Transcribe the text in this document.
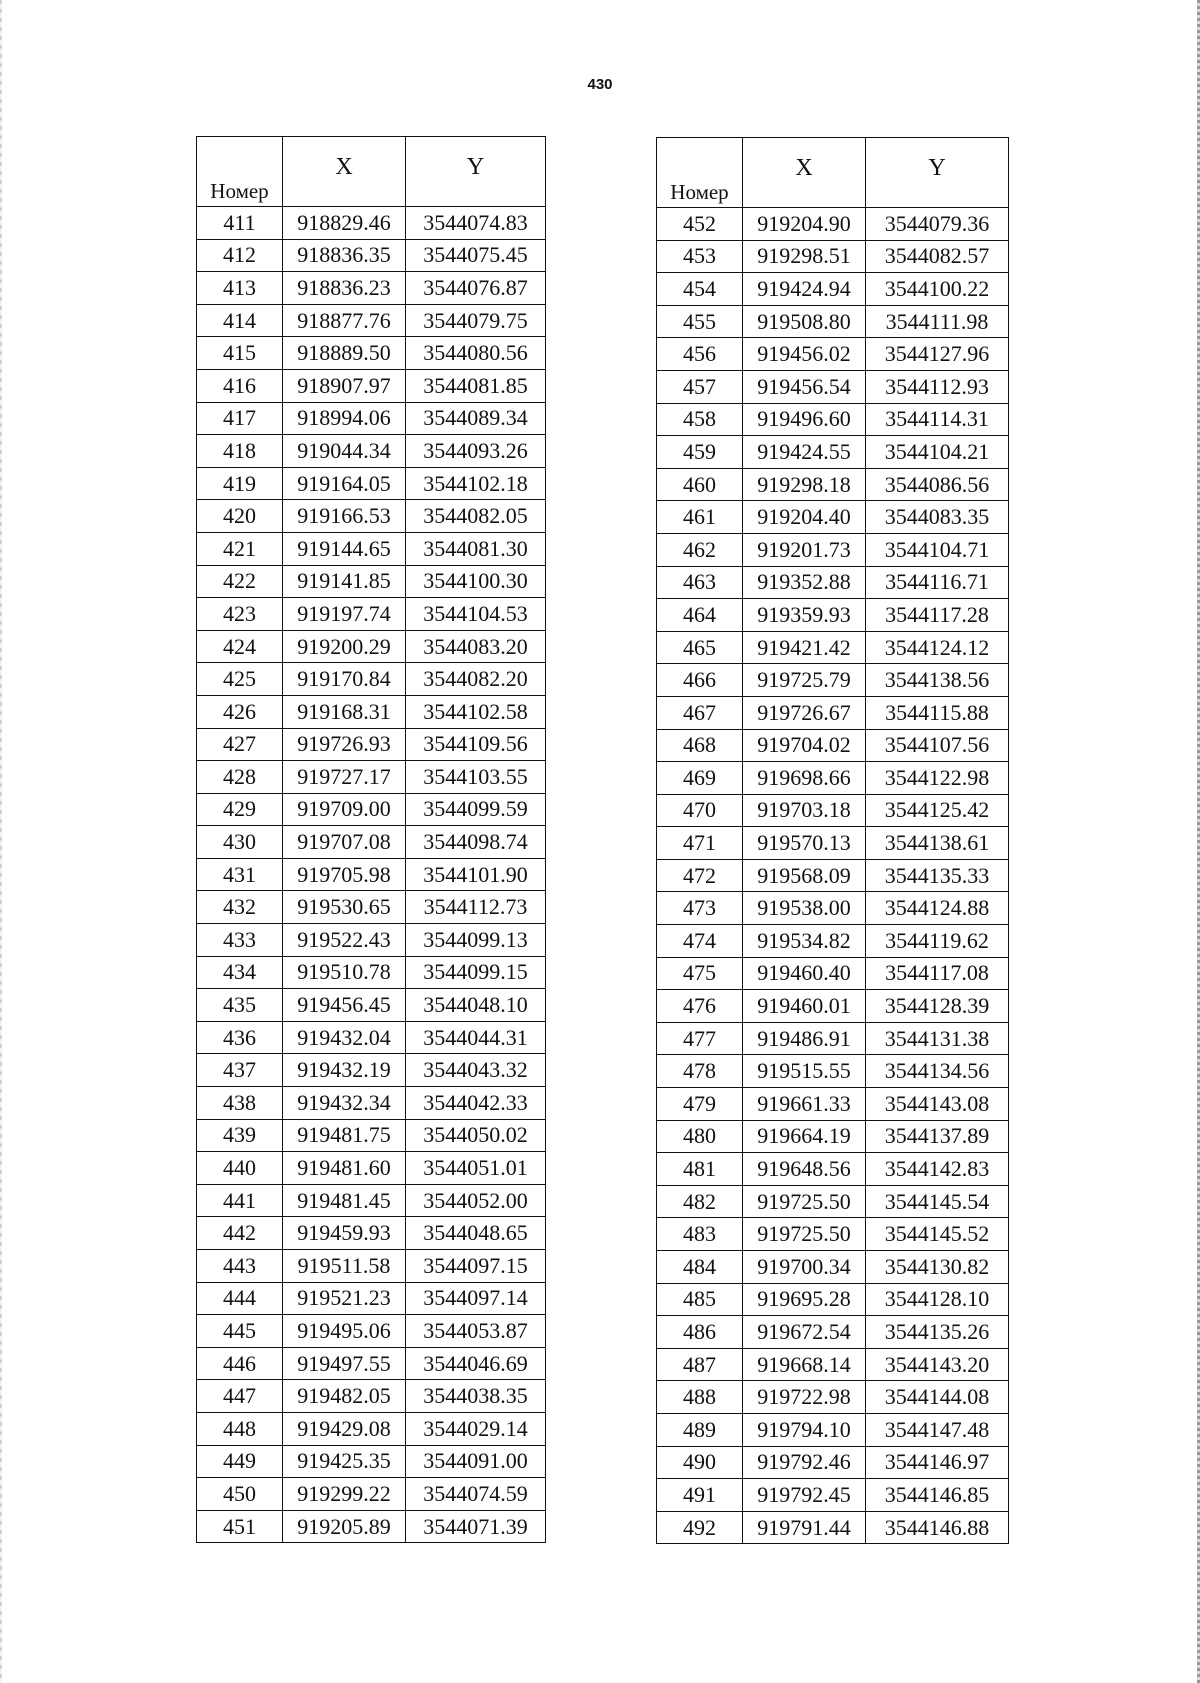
430
Номер	X	Y
411	918829.46	3544074.83
412	918836.35	3544075.45
413	918836.23	3544076.87
414	918877.76	3544079.75
415	918889.50	3544080.56
416	918907.97	3544081.85
417	918994.06	3544089.34
418	919044.34	3544093.26
419	919164.05	3544102.18
420	919166.53	3544082.05
421	919144.65	3544081.30
422	919141.85	3544100.30
423	919197.74	3544104.53
424	919200.29	3544083.20
425	919170.84	3544082.20
426	919168.31	3544102.58
427	919726.93	3544109.56
428	919727.17	3544103.55
429	919709.00	3544099.59
430	919707.08	3544098.74
431	919705.98	3544101.90
432	919530.65	3544112.73
433	919522.43	3544099.13
434	919510.78	3544099.15
435	919456.45	3544048.10
436	919432.04	3544044.31
437	919432.19	3544043.32
438	919432.34	3544042.33
439	919481.75	3544050.02
440	919481.60	3544051.01
441	919481.45	3544052.00
442	919459.93	3544048.65
443	919511.58	3544097.15
444	919521.23	3544097.14
445	919495.06	3544053.87
446	919497.55	3544046.69
447	919482.05	3544038.35
448	919429.08	3544029.14
449	919425.35	3544091.00
450	919299.22	3544074.59
451	919205.89	3544071.39
Номер	X	Y
452	919204.90	3544079.36
453	919298.51	3544082.57
454	919424.94	3544100.22
455	919508.80	3544111.98
456	919456.02	3544127.96
457	919456.54	3544112.93
458	919496.60	3544114.31
459	919424.55	3544104.21
460	919298.18	3544086.56
461	919204.40	3544083.35
462	919201.73	3544104.71
463	919352.88	3544116.71
464	919359.93	3544117.28
465	919421.42	3544124.12
466	919725.79	3544138.56
467	919726.67	3544115.88
468	919704.02	3544107.56
469	919698.66	3544122.98
470	919703.18	3544125.42
471	919570.13	3544138.61
472	919568.09	3544135.33
473	919538.00	3544124.88
474	919534.82	3544119.62
475	919460.40	3544117.08
476	919460.01	3544128.39
477	919486.91	3544131.38
478	919515.55	3544134.56
479	919661.33	3544143.08
480	919664.19	3544137.89
481	919648.56	3544142.83
482	919725.50	3544145.54
483	919725.50	3544145.52
484	919700.34	3544130.82
485	919695.28	3544128.10
486	919672.54	3544135.26
487	919668.14	3544143.20
488	919722.98	3544144.08
489	919794.10	3544147.48
490	919792.46	3544146.97
491	919792.45	3544146.85
492	919791.44	3544146.88
